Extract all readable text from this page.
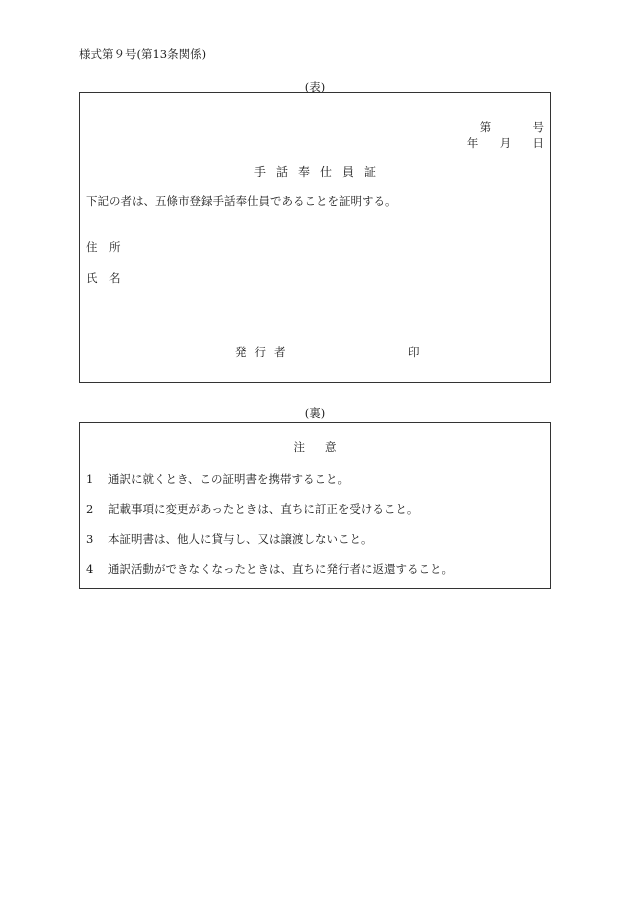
様式第９号(第13条関係)
(表)
第	号
年 月 日
手 話 奉 仕 員 証
下記の者は、五條市登録手話奉仕員であることを証明する。
住　所
氏　名
発 行 者	印
(裏)
注 意
1 通訳に就くとき、この証明書を携帯すること。
2 記載事項に変更があったときは、直ちに訂正を受けること。
3 本証明書は、他人に貸与し、又は譲渡しないこと。
4 通訳活動ができなくなったときは、直ちに発行者に返還すること。
